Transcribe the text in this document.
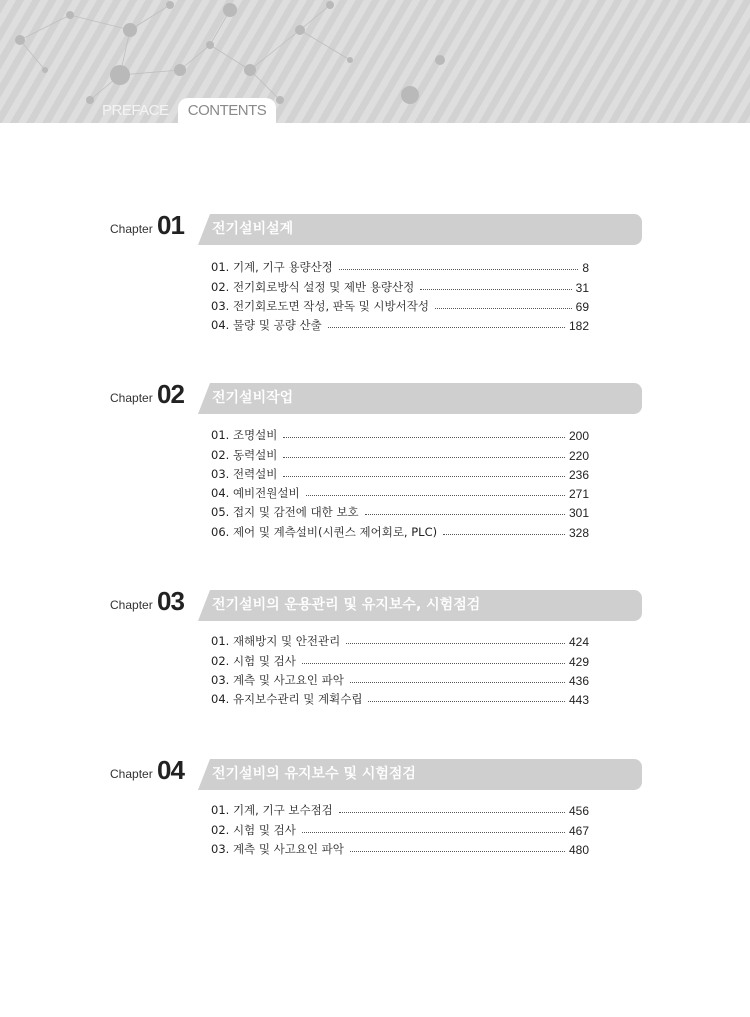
PREFACE	CONTENTS
Chapter 01 전기설비설계
01. 기계, 기구 용량산정	8
02. 전기회로방식 설정 및 제반 용량산정	31
03. 전기회로도면 작성, 판독 및 시방서작성	69
04. 물량 및 공량 산출	182
Chapter 02 전기설비작업
01. 조명설비	200
02. 동력설비	220
03. 전력설비	236
04. 예비전원설비	271
05. 접지 및 감전에 대한 보호	301
06. 제어 및 계측설비(시퀀스 제어회로, PLC)	328
Chapter 03 전기설비의 운용관리 및 유지보수, 시험점검
01. 재해방지 및 안전관리	424
02. 시험 및 검사	429
03. 계측 및 사고요인 파악	436
04. 유지보수관리 및 계획수립	443
Chapter 04 전기설비의 유지보수 및 시험점검
01. 기계, 기구 보수점검	456
02. 시험 및 검사	467
03. 계측 및 사고요인 파악	480
